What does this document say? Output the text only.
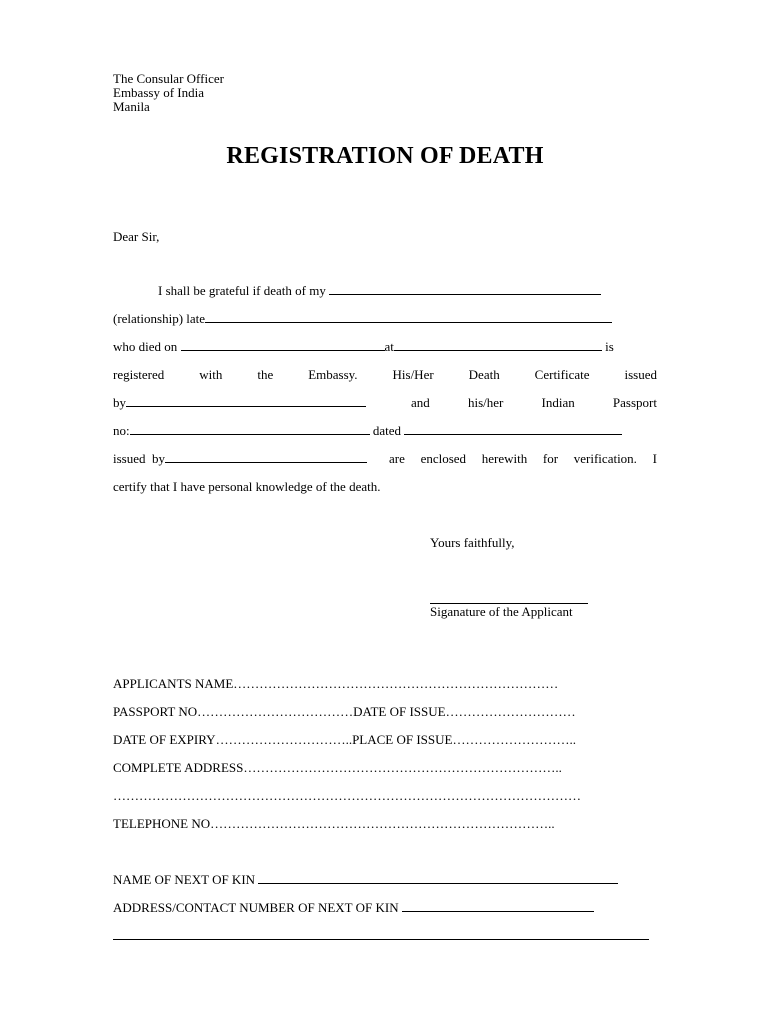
The Consular Officer
Embassy of India
Manila
REGISTRATION OF DEATH
Dear Sir,
I shall be grateful if death of my
(relationship) late
who died on	at	is
registered	with	the	Embassy.	His/Her	Death	Certificate	issued
by	and	his/her	Indian	Passport
no:	dated
issued by	are enclosed herewith for verification. I
certify that I have personal knowledge of the death.
Yours faithfully,
Siganature of the Applicant
APPLICANTS NAME…………………………………………………………………
PASSPORT NO………………………………DATE OF ISSUE…………………………
DATE OF EXPIRY…………………………..PLACE OF ISSUE………………………..
COMPLETE ADDRESS………………………………………………………………..
………………………………………………………………………………………………
TELEPHONE NO……………………………………………………………………..
NAME OF NEXT OF KIN
ADDRESS/CONTACT NUMBER OF NEXT OF KIN
